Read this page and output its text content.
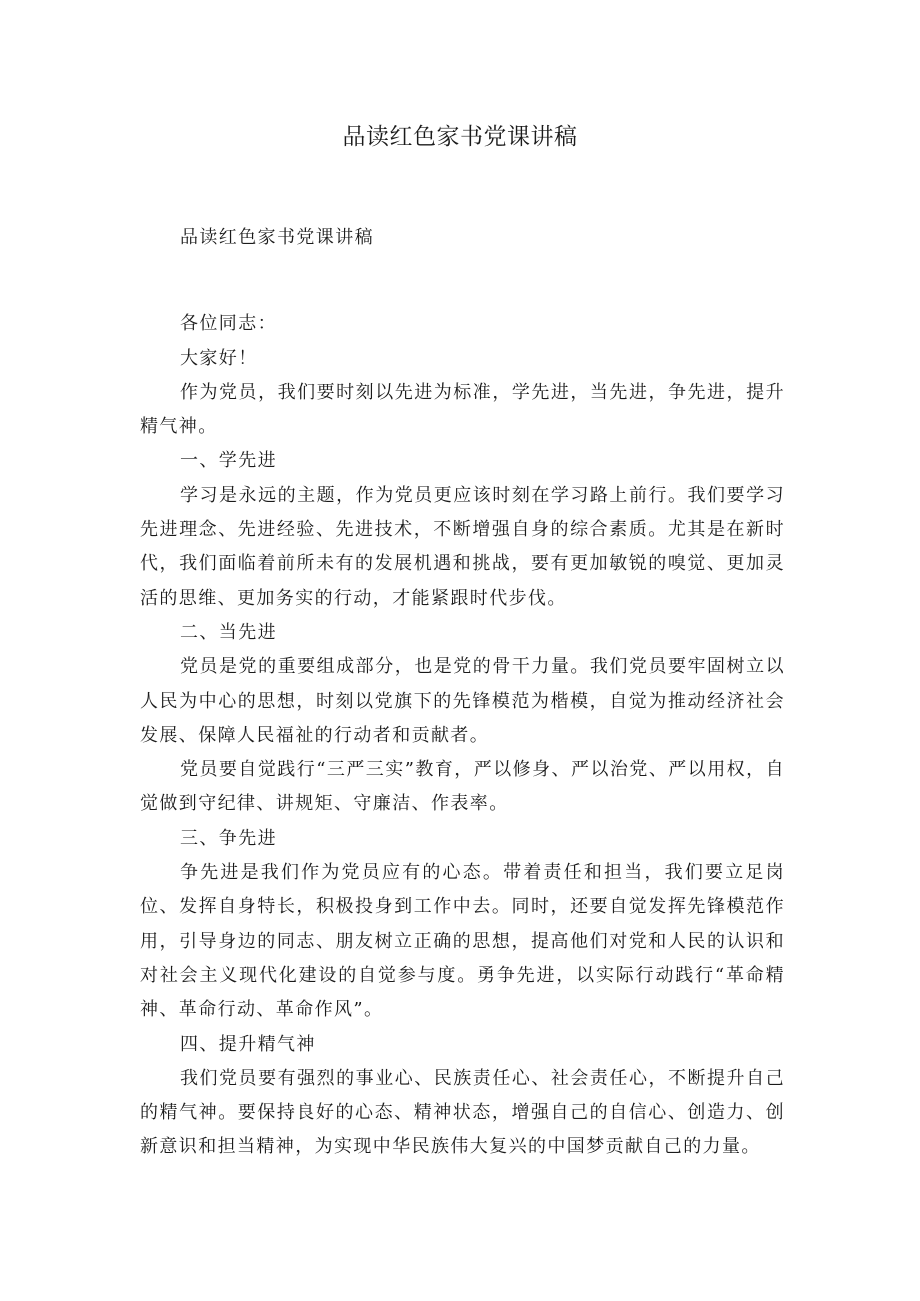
品读红色家书党课讲稿

品读红色家书党课讲稿

各位同志：

大家好！

作为党员，我们要时刻以先进为标准，学先进，当先进，争先进，提升精气神。

一、学先进

学习是永远的主题，作为党员更应该时刻在学习路上前行。我们要学习先进理念、先进经验、先进技术，不断增强自身的综合素质。尤其是在新时代，我们面临着前所未有的发展机遇和挑战，要有更加敏锐的嗅觉、更加灵活的思维、更加务实的行动，才能紧跟时代步伐。

二、当先进

党员是党的重要组成部分，也是党的骨干力量。我们党员要牢固树立以人民为中心的思想，时刻以党旗下的先锋模范为楷模，自觉为推动经济社会发展、保障人民福祉的行动者和贡献者。

党员要自觉践行“三严三实”教育，严以修身、严以治党、严以用权，自觉做到守纪律、讲规矩、守廉洁、作表率。

三、争先进

争先进是我们作为党员应有的心态。带着责任和担当，我们要立足岗位、发挥自身特长，积极投身到工作中去。同时，还要自觉发挥先锋模范作用，引导身边的同志、朋友树立正确的思想，提高他们对党和人民的认识和对社会主义现代化建设的自觉参与度。勇争先进，以实际行动践行“革命精神、革命行动、革命作风”。

四、提升精气神

我们党员要有强烈的事业心、民族责任心、社会责任心，不断提升自己的精气神。要保持良好的心态、精神状态，增强自己的自信心、创造力、创新意识和担当精神，为实现中华民族伟大复兴的中国梦贡献自己的力量。
